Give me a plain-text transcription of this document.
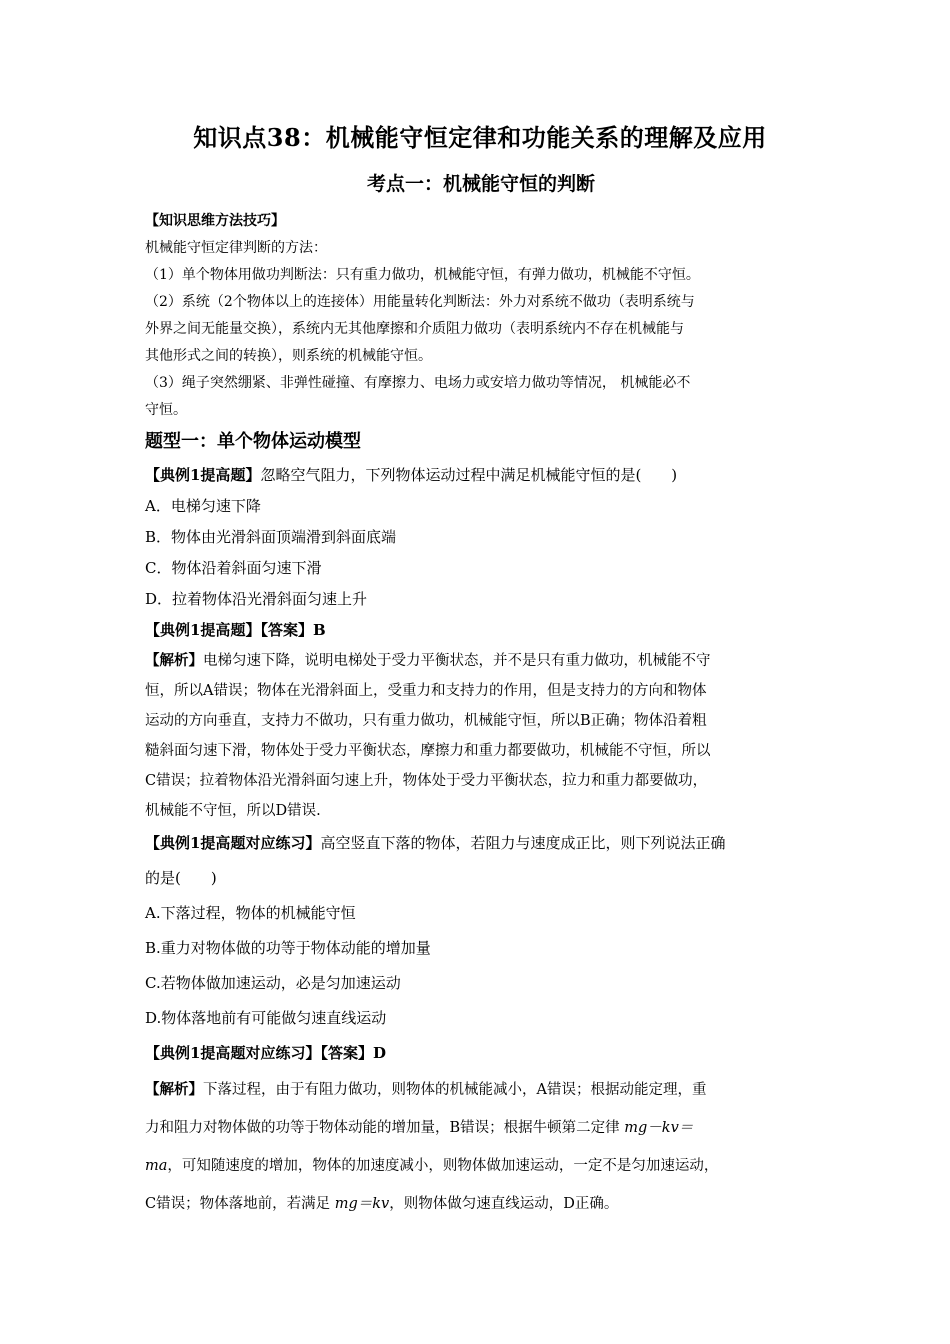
知识点38：机械能守恒定律和功能关系的理解及应用
考点一：机械能守恒的判断

【知识思维方法技巧】

机械能守恒定律判断的方法：

（1）单个物体用做功判断法：只有重力做功，机械能守恒，有弹力做功，机械能不守恒。

（2）系统（2个物体以上的连接体）用能量转化判断法：外力对系统不做功（表明系统与

外界之间无能量交换），系统内无其他摩擦和介质阻力做功（表明系统内不存在机械能与

其他形式之间的转换），则系统的机械能守恒。

（3）绳子突然绷紧、非弹性碰撞、有摩擦力、电场力或安培力做功等情况， 机械能必不

守恒。

题型一：单个物体运动模型

【典例1提高题】忽略空气阻力，下列物体运动过程中满足机械能守恒的是(　　)

A．电梯匀速下降

B．物体由光滑斜面顶端滑到斜面底端

C．物体沿着斜面匀速下滑

D．拉着物体沿光滑斜面匀速上升

【典例1提高题】【答案】B

【解析】电梯匀速下降，说明电梯处于受力平衡状态，并不是只有重力做功，机械能不守

恒，所以A错误；物体在光滑斜面上，受重力和支持力的作用，但是支持力的方向和物体

运动的方向垂直，支持力不做功，只有重力做功，机械能守恒，所以B正确；物体沿着粗

糙斜面匀速下滑，物体处于受力平衡状态，摩擦力和重力都要做功，机械能不守恒，所以

C错误；拉着物体沿光滑斜面匀速上升，物体处于受力平衡状态，拉力和重力都要做功，

机械能不守恒，所以D错误.

【典例1提高题对应练习】高空竖直下落的物体，若阻力与速度成正比，则下列说法正确

的是(　　)

A.下落过程，物体的机械能守恒

B.重力对物体做的功等于物体动能的增加量

C.若物体做加速运动，必是匀加速运动

D.物体落地前有可能做匀速直线运动

【典例1提高题对应练习】【答案】D

【解析】下落过程，由于有阻力做功，则物体的机械能减小，A错误；根据动能定理，重

力和阻力对物体做的功等于物体动能的增加量，B错误；根据牛顿第二定律 mg－kv＝

ma，可知随速度的增加，物体的加速度减小，则物体做加速运动，一定不是匀加速运动，

C错误；物体落地前，若满足 mg＝kv，则物体做匀速直线运动，D正确。
